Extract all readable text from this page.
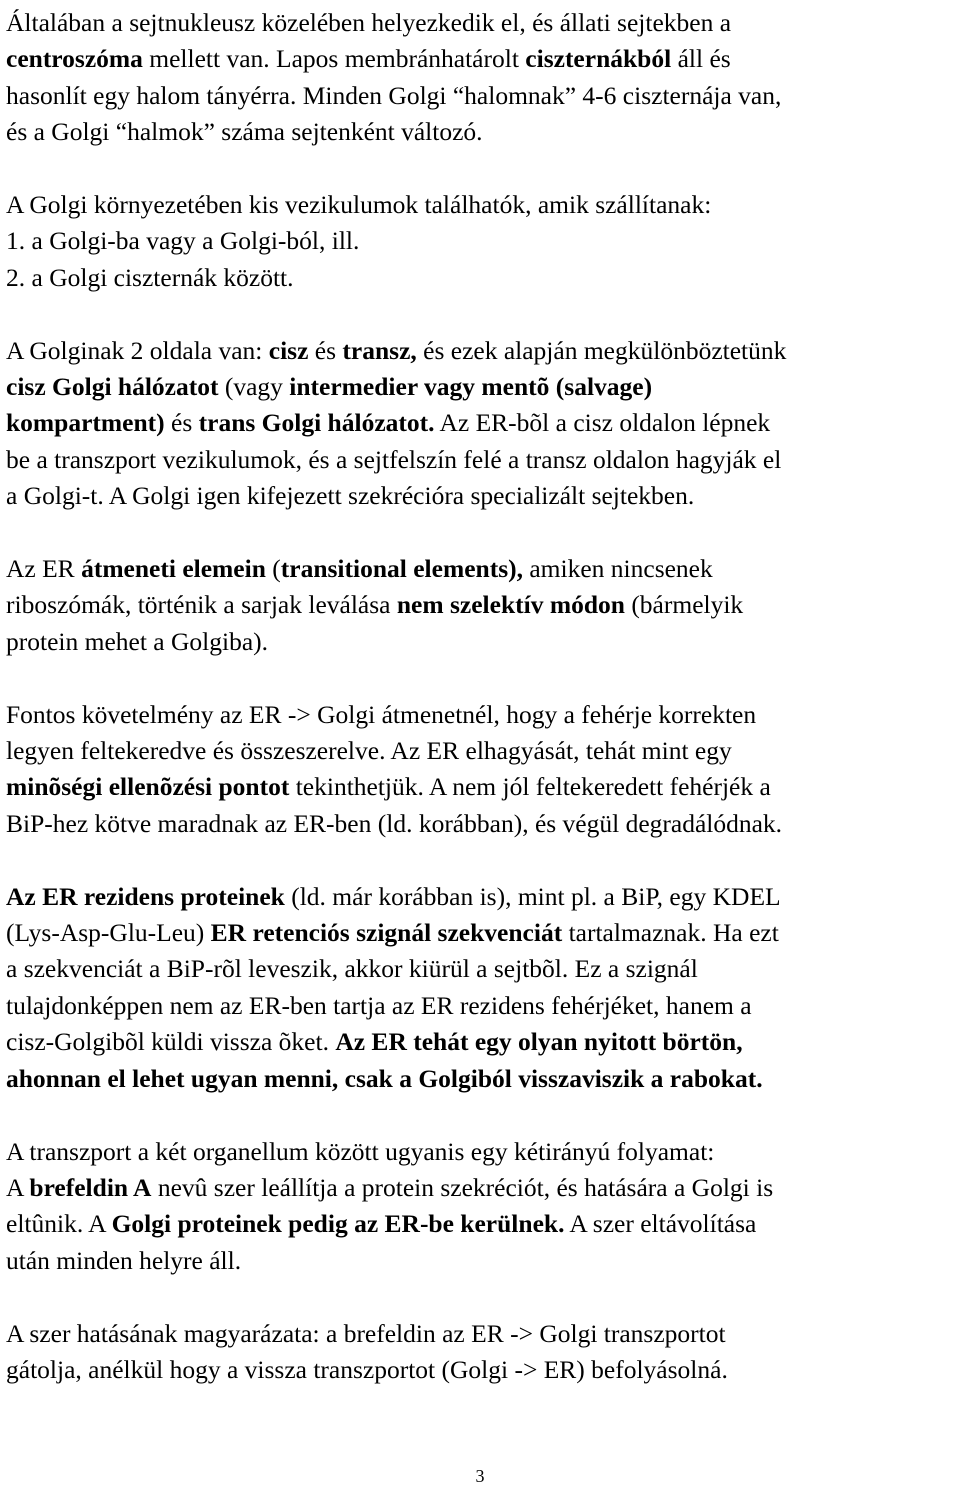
Általában a sejtnukleusz közelében helyezkedik el, és állati sejtekben a
centroszóma mellett van. Lapos membránhatárolt ciszternákból áll és
hasonlít egy halom tányérra. Minden Golgi “halomnak” 4-6 ciszternája van,
és a Golgi “halmok” száma sejtenként változó.
A Golgi környezetében kis vezikulumok találhatók, amik szállítanak:
1. a Golgi-ba vagy a Golgi-ból, ill.
2. a Golgi ciszternák között.
A Golginak 2 oldala van: cisz és transz, és ezek alapján megkülönböztetünk
cisz Golgi hálózatot (vagy intermedier vagy mentõ (salvage)
kompartment) és trans Golgi hálózatot. Az ER-bõl a cisz oldalon lépnek
be a transzport vezikulumok, és a sejtfelszín felé a transz oldalon hagyják el
a Golgi-t. A Golgi igen kifejezett szekrécióra specializált sejtekben.
Az ER átmeneti elemein (transitional elements), amiken nincsenek
riboszómák, történik a sarjak leválása nem szelektív módon (bármelyik
protein mehet a Golgiba).
Fontos követelmény az ER -> Golgi átmenetnél, hogy a fehérje korrekten
legyen feltekeredve és összeszerelve. Az ER elhagyását, tehát mint egy
minõségi ellenõzési pontot tekinthetjük. A nem jól feltekeredett fehérjék a
BiP-hez kötve maradnak az ER-ben (ld. korábban), és végül degradálódnak.
Az ER rezidens proteinek (ld. már korábban is), mint pl. a BiP, egy KDEL
(Lys-Asp-Glu-Leu) ER retenciós szignál szekvenciát tartalmaznak. Ha ezt
a szekvenciát a BiP-rõl leveszik, akkor kiürül a sejtbõl. Ez a szignál
tulajdonképpen nem az ER-ben tartja az ER rezidens fehérjéket, hanem a
cisz-Golgibõl küldi vissza õket. Az ER tehát egy olyan nyitott börtön,
ahonnan el lehet ugyan menni, csak a Golgiból visszaviszik a rabokat.
A transzport a két organellum között ugyanis egy kétirányú folyamat:
A brefeldin A nevû szer leállítja a protein szekréciót, és hatására a Golgi is
eltûnik. A Golgi proteinek pedig az ER-be kerülnek. A szer eltávolítása
után minden helyre áll.
A szer hatásának magyarázata: a brefeldin az ER -> Golgi transzportot
gátolja, anélkül hogy a vissza transzportot (Golgi -> ER) befolyásolná.
3
